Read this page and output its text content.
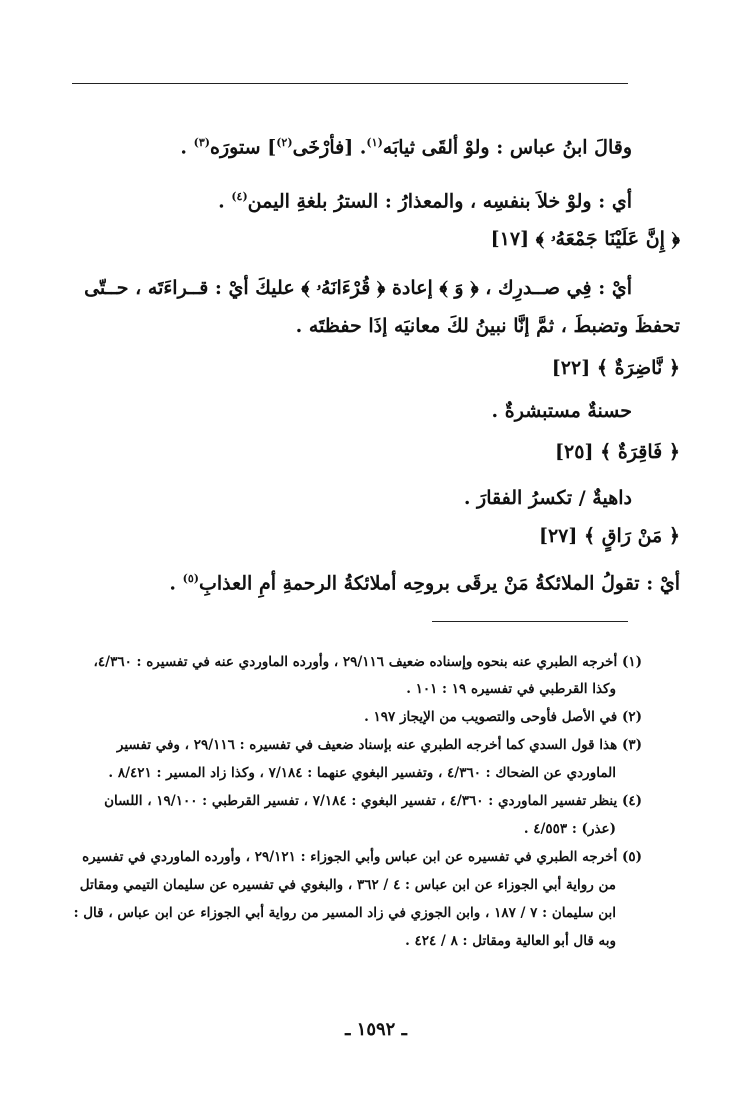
وقالَ ابنُ عباس : ولوْ ألقَى ثيابَه$^{(١)}$. [فأرْخَى$^{(٢)}$] ستورَه$^{(٣)}$ .
أي : ولوْ خلاَ بنفسِه ، والمعذارُ : السترُ بلغةِ اليمن$^{(٤)}$ .
﴿ إِنَّ عَلَيْنَا جَمْعَهُۥ ﴾ [١٧]
أيْ : فِي صــدرِك ، ﴿ وَ ﴾ إعادة ﴿ قُرْءَانَهُۥ ﴾ عليكَ أيْ : قــراءَتَه ، حــتّى
تحفظَ وتضبطَ ، ثمَّ إنَّا نبينُ لكَ معانيَه إذَا حفظتَه .
﴿ نَّاضِرَةٌ ﴾ [٢٢]
حسنةٌ مستبشرةٌ .
﴿ فَاقِرَةٌ ﴾ [٢٥]
داهيةٌ / تكسرُ الفقارَ .
﴿ مَنْ رَاقٍ ﴾ [٢٧]
أيْ : تقولُ الملائكةُ مَنْ يرقَى بروحِه أملائكةُ الرحمةِ أمِ العذابِ$^{(٥)}$ .
(١) أخرجه الطبري عنه بنحوه وإسناده ضعيف ٢٩/١١٦ ، وأورده الماوردي عنه في تفسيره : ٤/٣٦٠،
وكذا القرطبي في تفسيره ١٩ : ١٠١ .
(٢) في الأصل فأوحى والتصويب من الإيجاز ١٩٧ .
(٣) هذا قول السدي كما أخرجه الطبري عنه بإسناد ضعيف في تفسيره : ٢٩/١١٦ ، وفي تفسير
الماوردي عن الضحاك : ٤/٣٦٠ ، وتفسير البغوي عنهما : ٧/١٨٤ ، وكذا زاد المسير : ٨/٤٢١ .
(٤) ينظر تفسير الماوردي : ٤/٣٦٠ ، تفسير البغوي : ٧/١٨٤ ، تفسير القرطبي : ١٩/١٠٠ ، اللسان
(عذر) : ٤/٥٥٣ .
(٥) أخرجه الطبري في تفسيره عن ابن عباس وأبي الجوزاء : ٢٩/١٢١ ، وأورده الماوردي في تفسيره
من رواية أبي الجوزاء عن ابن عباس : ٤ / ٣٦٢ ، والبغوي في تفسيره عن سليمان التيمي ومقاتل
ابن سليمان : ٧ / ١٨٧ ، وابن الجوزي في زاد المسير من رواية أبي الجوزاء عن ابن عباس ، قال :
وبه قال أبو العالية ومقاتل : ٨ / ٤٢٤ .
ـ ١٥٩٢ ـ
